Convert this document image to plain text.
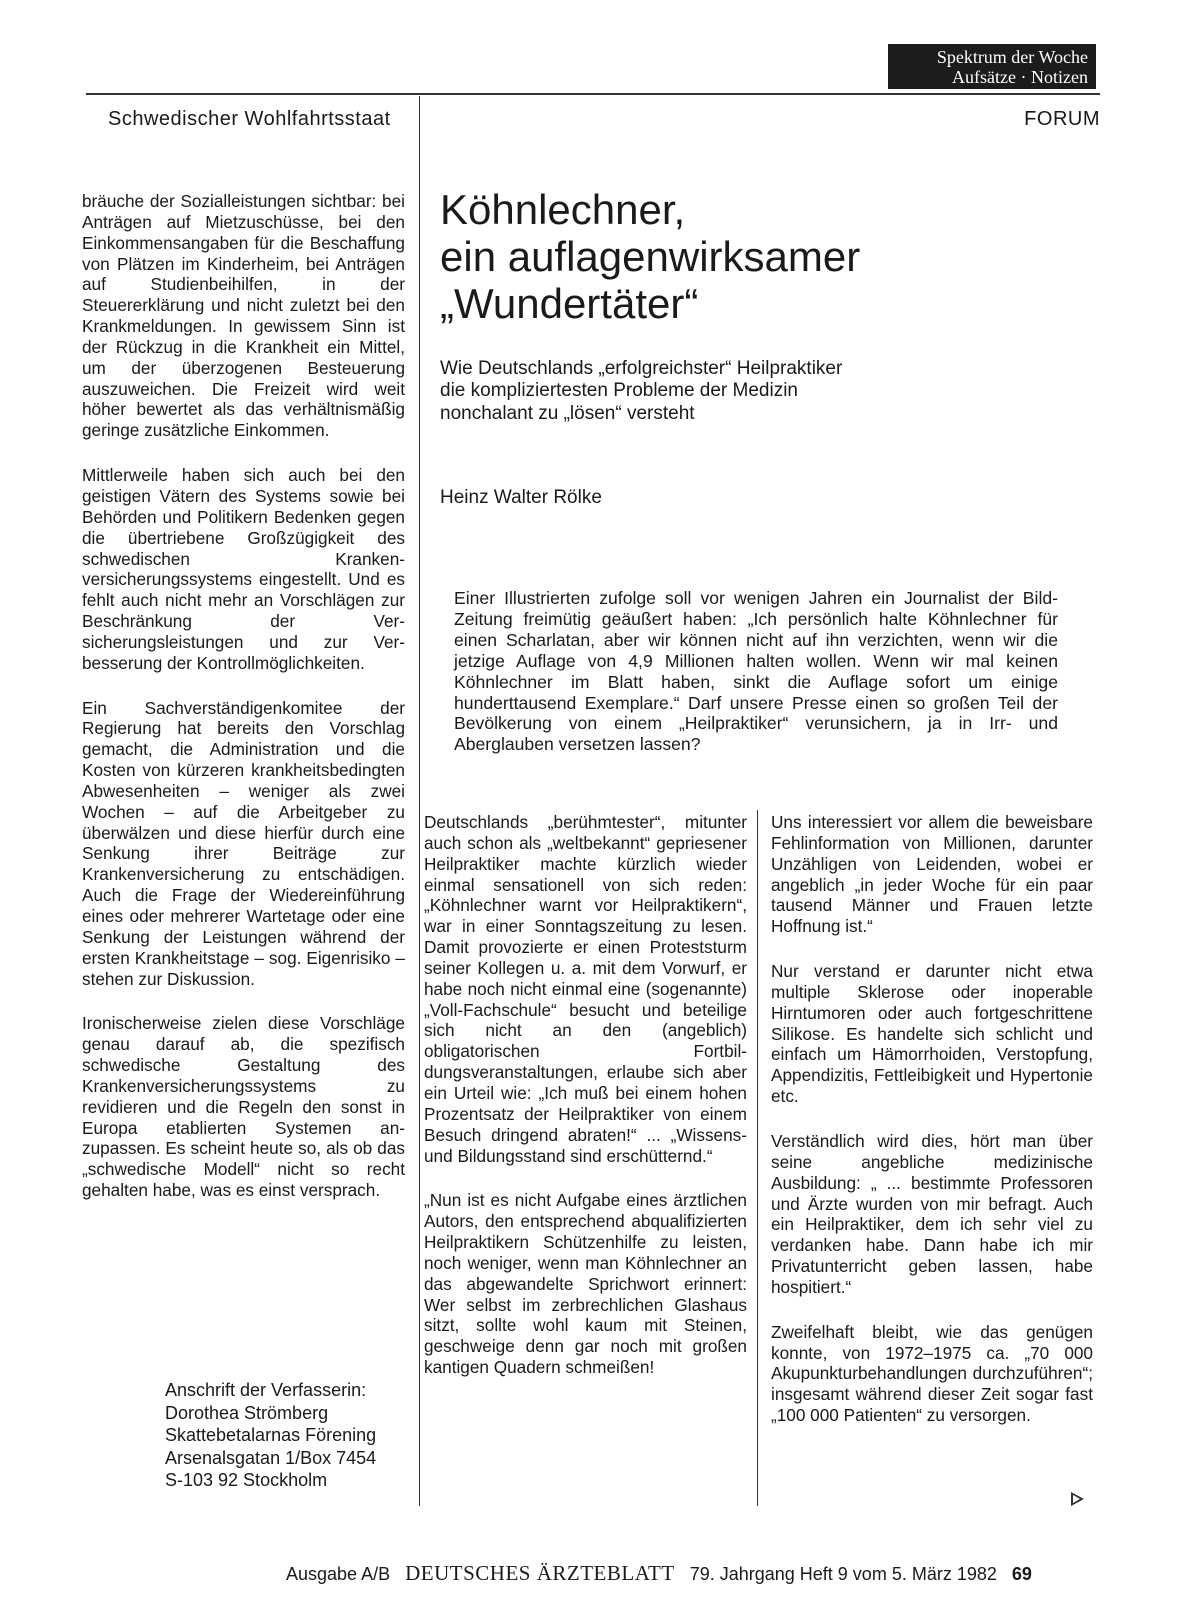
Spektrum der Woche
Aufsätze · Notizen
Schwedischer Wohlfahrtsstaat	FORUM

bräuche der Sozialleistungen sichtbar: bei Anträgen auf Mietzuschüsse, bei den Einkommensangaben für die Beschaffung von Plätzen im Kinderheim, bei Anträgen auf Studienbeihilfen, in der Steuererklärung und nicht zuletzt bei den Krankmeldungen. In gewissem Sinn ist der Rückzug in die Krankheit ein Mittel, um der überzogenen Besteuerung auszuweichen. Die Freizeit wird weit höher bewertet als das verhältnismäßig geringe zusätzliche Einkommen.

Mittlerweile haben sich auch bei den geistigen Vätern des Systems sowie bei Behörden und Politikern Bedenken gegen die übertriebene Großzügigkeit des schwedischen Krankenversicherungssystems eingestellt. Und es fehlt auch nicht mehr an Vorschlägen zur Beschränkung der Versicherungsleistungen und zur Verbesserung der Kontrollmöglichkeiten.

Ein Sachverständigenkomitee der Regierung hat bereits den Vorschlag gemacht, die Administration und die Kosten von kürzeren krankheitsbedingten Abwesenheiten – weniger als zwei Wochen – auf die Arbeitgeber zu überwälzen und diese hierfür durch eine Senkung ihrer Beiträge zur Krankenversicherung zu entschädigen. Auch die Frage der Wiedereinführung eines oder mehrerer Wartetage oder eine Senkung der Leistungen während der ersten Krankheitstage – sog. Eigenrisiko – stehen zur Diskussion.

Ironischerweise zielen diese Vorschläge genau darauf ab, die spezifisch schwedische Gestaltung des Krankenversicherungssystems zu revidieren und die Regeln den sonst in Europa etablierten Systemen anzupassen. Es scheint heute so, als ob das „schwedische Modell“ nicht so recht gehalten habe, was es einst versprach.

Anschrift der Verfasserin:
Dorothea Strömberg
Skattebetalarnas Förening
Arsenalsgatan 1/Box 7454
S-103 92 Stockholm
Köhnlechner,
ein auflagenwirksamer
„Wundertäter“
Wie Deutschlands „erfolgreichster“ Heilpraktiker
die kompliziertesten Probleme der Medizin
nonchalant zu „lösen“ versteht
Heinz Walter Rölke
Einer Illustrierten zufolge soll vor wenigen Jahren ein Journalist der Bild-Zeitung freimütig geäußert haben: „Ich persönlich halte Köhnlechner für einen Scharlatan, aber wir können nicht auf ihn verzichten, wenn wir die jetzige Auflage von 4,9 Millionen halten wollen. Wenn wir mal keinen Köhnlechner im Blatt haben, sinkt die Auflage sofort um einige hunderttausend Exemplare.“ Darf unsere Presse einen so großen Teil der Bevölkerung von einem „Heilpraktiker“ verunsichern, ja in Irr- und Aberglauben versetzen lassen?

Deutschlands „berühmtester“, mitunter auch schon als „weltbekannt“ gepriesener Heilpraktiker machte kürzlich wieder einmal sensationell von sich reden: „Köhnlechner warnt vor Heilpraktikern“, war in einer Sonntagszeitung zu lesen. Damit provozierte er einen Proteststurm seiner Kollegen u. a. mit dem Vorwurf, er habe noch nicht einmal eine (sogenannte) „Voll-Fachschule“ besucht und beteilige sich nicht an den (angeblich) obligatorischen Fortbildungsveranstaltungen, erlaube sich aber ein Urteil wie: „Ich muß bei einem hohen Prozentsatz der Heilpraktiker von einem Besuch dringend abraten!“ ... „Wissens- und Bildungsstand sind erschütternd.“

„Nun ist es nicht Aufgabe eines ärztlichen Autors, den entsprechend abqualifizierten Heilpraktikern Schützenhilfe zu leisten, noch weniger, wenn man Köhnlechner an das abgewandelte Sprichwort erinnert: Wer selbst im zerbrechlichen Glashaus sitzt, sollte wohl kaum mit Steinen, geschweige denn gar noch mit großen kantigen Quadern schmeißen!

Uns interessiert vor allem die beweisbare Fehlinformation von Millionen, darunter Unzähligen von Leidenden, wobei er angeblich „in jeder Woche für ein paar tausend Männer und Frauen letzte Hoffnung ist.“

Nur verstand er darunter nicht etwa multiple Sklerose oder inoperable Hirntumoren oder auch fortgeschrittene Silikose. Es handelte sich schlicht und einfach um Hämorrhoiden, Verstopfung, Appendizitis, Fettleibigkeit und Hypertonie etc.

Verständlich wird dies, hört man über seine angebliche medizinische Ausbildung: „ ... bestimmte Professoren und Ärzte wurden von mir befragt. Auch ein Heilpraktiker, dem ich sehr viel zu verdanken habe. Dann habe ich mir Privatunterricht geben lassen, habe hospitiert.“

Zweifelhaft bleibt, wie das genügen konnte, von 1972–1975 ca. „70 000 Akupunkturbehandlungen durchzuführen“; insgesamt während dieser Zeit sogar fast „100 000 Patienten“ zu versorgen.

Ausgabe A/B DEUTSCHES ÄRZTEBLATT 79. Jahrgang Heft 9 vom 5. März 1982 69
